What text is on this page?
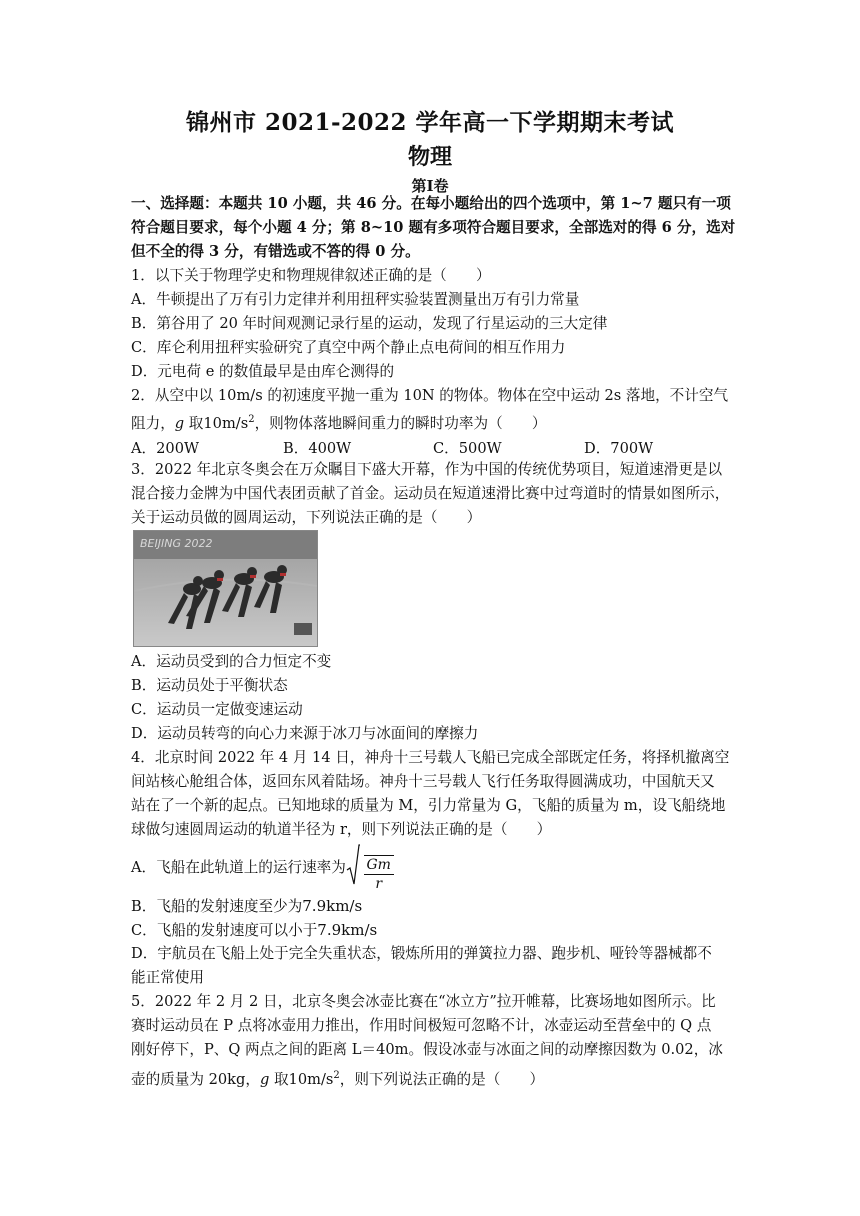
锦州市 2021-2022 学年高一下学期期末考试
物理
第Ⅰ卷
一、选择题：本题共 10 小题，共 46 分。在每小题给出的四个选项中，第 1~7 题只有一项
符合题目要求，每个小题 4 分；第 8~10 题有多项符合题目要求，全部选对的得 6 分，选对
但不全的得 3 分，有错选或不答的得 0 分。
1．以下关于物理学史和物理规律叙述正确的是（　　）
A．牛顿提出了万有引力定律并利用扭秤实验装置测量出万有引力常量
B．第谷用了 20 年时间观测记录行星的运动，发现了行星运动的三大定律
C．库仑利用扭秤实验研究了真空中两个静止点电荷间的相互作用力
D．元电荷 e 的数值最早是由库仑测得的
2．从空中以 10m/s 的初速度平抛一重为 10N 的物体。物体在空中运动 2s 落地，不计空气
阻力，g 取$10m/s^2$，则物体落地瞬间重力的瞬时功率为（　　）
A．200W	B．400W	C．500W	D．700W
3．2022 年北京冬奥会在万众瞩目下盛大开幕，作为中国的传统优势项目，短道速滑更是以
混合接力金牌为中国代表团贡献了首金。运动员在短道速滑比赛中过弯道时的情景如图所示，
关于运动员做的圆周运动，下列说法正确的是（　　）
BEIJING 2022
A．运动员受到的合力恒定不变
B．运动员处于平衡状态
C．运动员一定做变速运动
D．运动员转弯的向心力来源于冰刀与冰面间的摩擦力
4．北京时间 2022 年 4 月 14 日，神舟十三号载人飞船已完成全部既定任务，将择机撤离空
间站核心舱组合体，返回东风着陆场。神舟十三号载人飞行任务取得圆满成功，中国航天又
站在了一个新的起点。已知地球的质量为 M，引力常量为 G，飞船的质量为 m，设飞船绕地
球做匀速圆周运动的轨道半径为 r，则下列说法正确的是（　　）
A．飞船在此轨道上的运行速率为
$\frac{Gm}{r}$
B．飞船的发射速度至少为7.9km/s
C．飞船的发射速度可以小于7.9km/s
D．宇航员在飞船上处于完全失重状态，锻炼所用的弹簧拉力器、跑步机、哑铃等器械都不
能正常使用
5．2022 年 2 月 2 日，北京冬奥会冰壶比赛在“冰立方”拉开帷幕，比赛场地如图所示。比
赛时运动员在 P 点将冰壶用力推出，作用时间极短可忽略不计，冰壶运动至营垒中的 Q 点
刚好停下，P、Q 两点之间的距离 L＝40m。假设冰壶与冰面之间的动摩擦因数为 0.02，冰
壶的质量为 20kg，g 取$10m/s^2$，则下列说法正确的是（　　）
